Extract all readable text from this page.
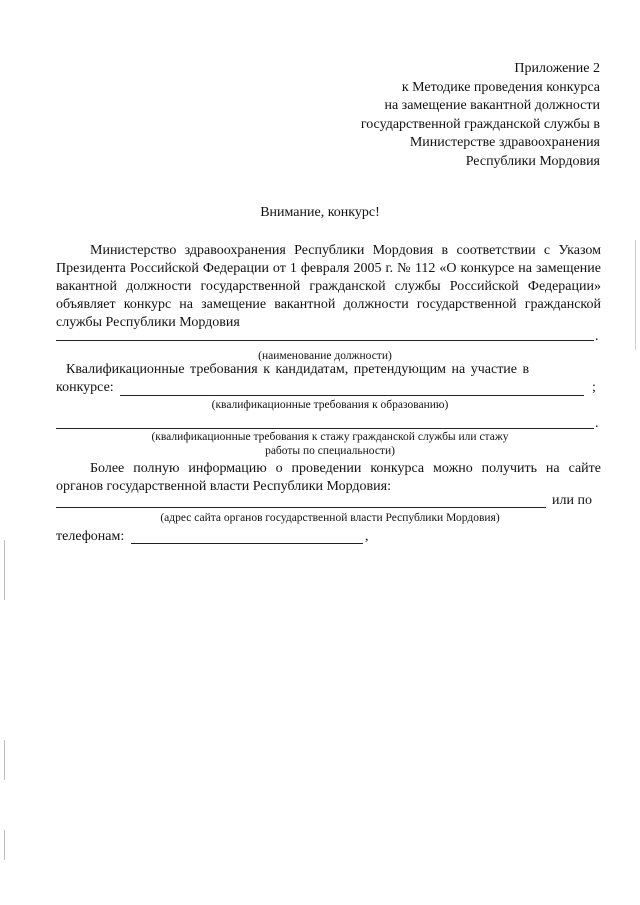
Приложение 2
к Методике проведения конкурса
на замещение вакантной должности
государственной гражданской службы в
Министерстве здравоохранения
Республики Мордовия
Внимание, конкурс!
Министерство здравоохранения Республики Мордовия в соответствии с Указом Президента Российской Федерации от 1 февраля 2005 г. № 112 «О конкурсе на замещение вакантной должности государственной гражданской службы Российской Федерации» объявляет конкурс на замещение вакантной должности государственной гражданской службы Республики Мордовия
.
(наименование должности)
Квалификационные требования к кандидатам, претендующим на участие в
конкурсе:	;
(квалификационные требования к образованию)
.
(квалификационные требования к стажу гражданской службы или стажу
работы по специальности)
Более полную информацию о проведении конкурса можно получить на сайте органов государственной власти Республики Мордовия:
или по
(адрес сайта органов государственной власти Республики Мордовия)
телефонам:	,
